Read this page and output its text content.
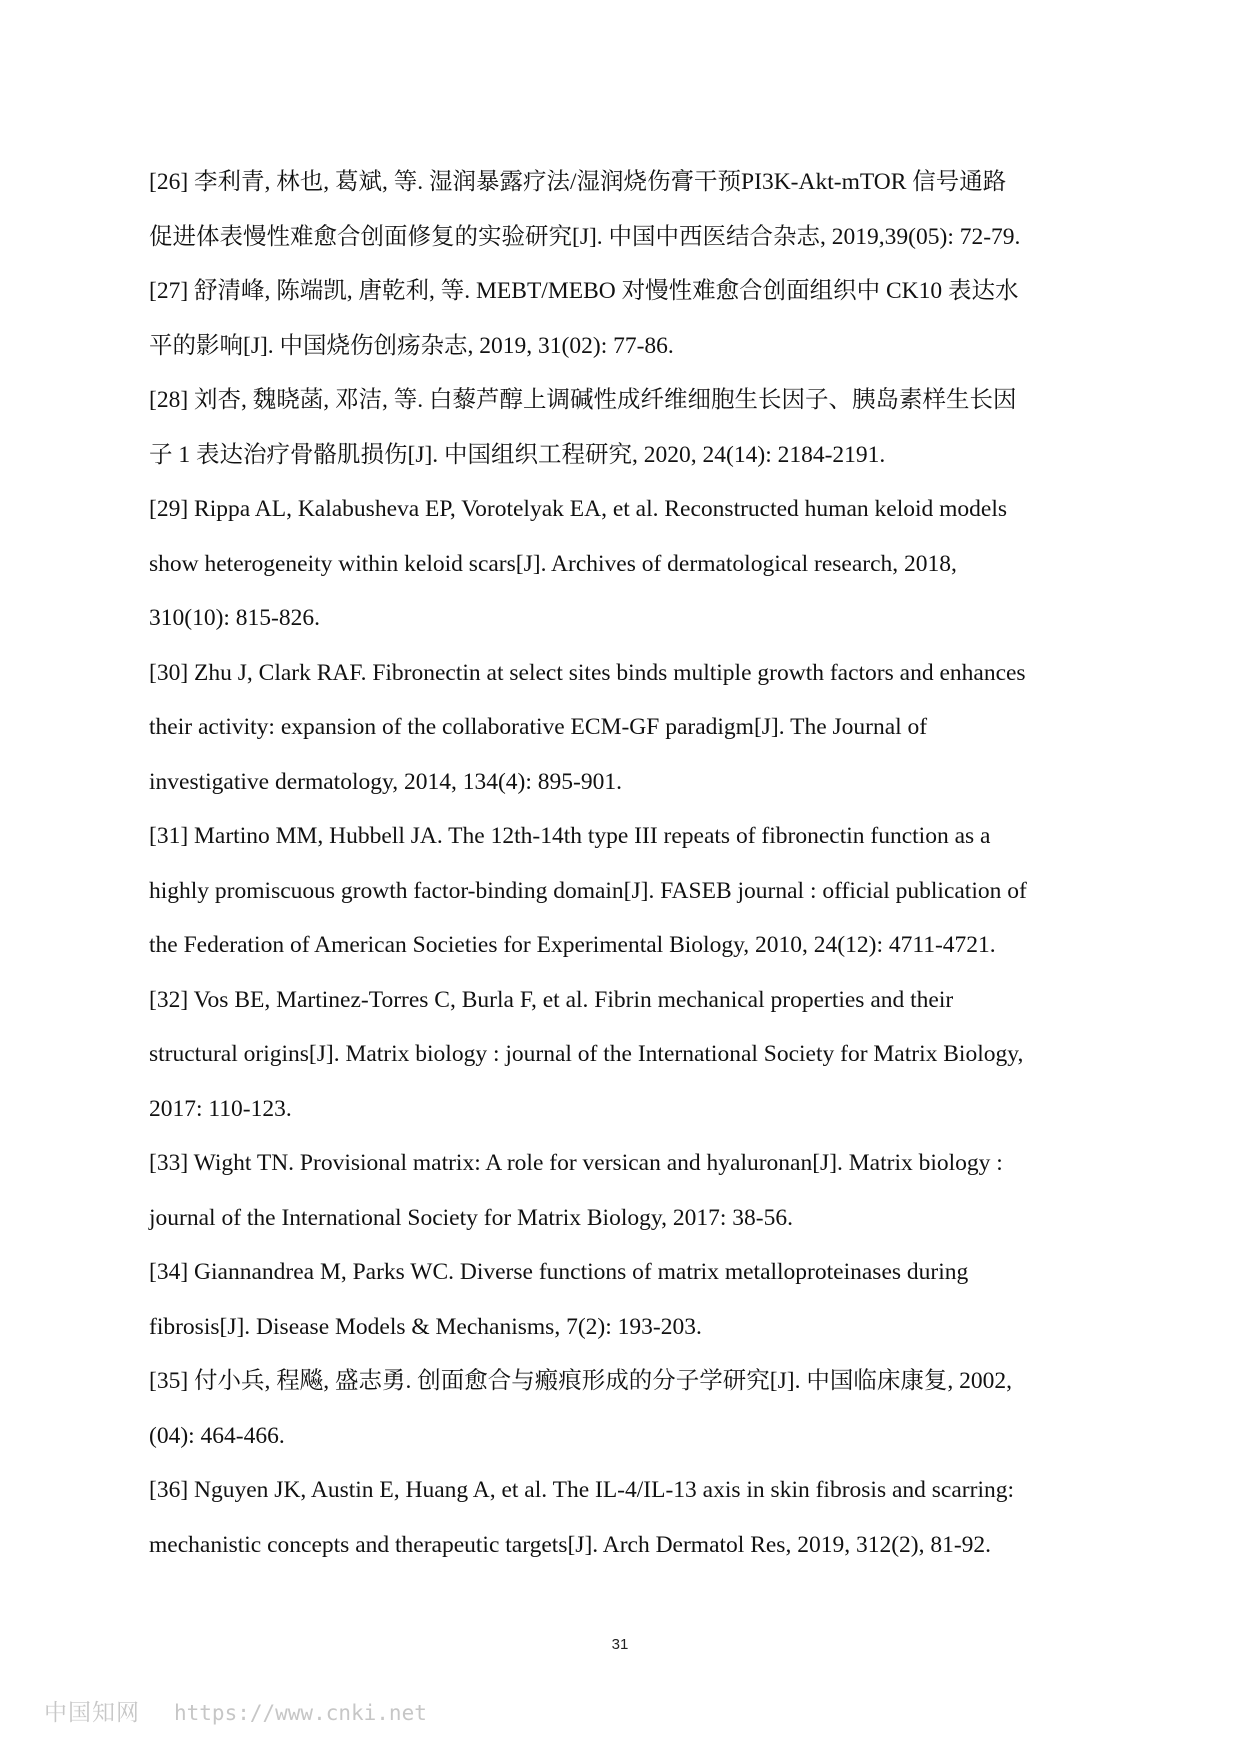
[26] 李利青, 林也, 葛斌, 等. 湿润暴露疗法/湿润烧伤膏干预PI3K-Akt-mTOR 信号通路
促进体表慢性难愈合创面修复的实验研究[J]. 中国中西医结合杂志, 2019,39(05): 72-79.
[27] 舒清峰, 陈端凯, 唐乾利, 等. MEBT/MEBO 对慢性难愈合创面组织中 CK10 表达水
平的影响[J]. 中国烧伤创疡杂志, 2019, 31(02): 77-86.
[28] 刘杏, 魏晓菡, 邓洁, 等. 白藜芦醇上调碱性成纤维细胞生长因子、胰岛素样生长因
子 1 表达治疗骨骼肌损伤[J]. 中国组织工程研究, 2020, 24(14): 2184-2191.
[29] Rippa AL, Kalabusheva EP, Vorotelyak EA, et al. Reconstructed human keloid models
show heterogeneity within keloid scars[J]. Archives of dermatological research, 2018,
310(10): 815-826.
[30] Zhu J, Clark RAF. Fibronectin at select sites binds multiple growth factors and enhances
their activity: expansion of the collaborative ECM-GF paradigm[J]. The Journal of
investigative dermatology, 2014, 134(4): 895-901.
[31] Martino MM, Hubbell JA. The 12th-14th type III repeats of fibronectin function as a
highly promiscuous growth factor-binding domain[J]. FASEB journal : official publication of
the Federation of American Societies for Experimental Biology, 2010, 24(12): 4711-4721.
[32] Vos BE, Martinez-Torres C, Burla F, et al. Fibrin mechanical properties and their
structural origins[J]. Matrix biology : journal of the International Society for Matrix Biology,
2017: 110-123.
[33] Wight TN. Provisional matrix: A role for versican and hyaluronan[J]. Matrix biology :
journal of the International Society for Matrix Biology, 2017: 38-56.
[34] Giannandrea M, Parks WC. Diverse functions of matrix metalloproteinases during
fibrosis[J]. Disease Models & Mechanisms, 7(2): 193-203.
[35] 付小兵, 程飚, 盛志勇. 创面愈合与瘢痕形成的分子学研究[J]. 中国临床康复, 2002,
(04): 464-466.
[36] Nguyen JK, Austin E, Huang A, et al. The IL-4/IL-13 axis in skin fibrosis and scarring:
mechanistic concepts and therapeutic targets[J]. Arch Dermatol Res, 2019, 312(2), 81-92.
31
中国知网 https://www.cnki.net
